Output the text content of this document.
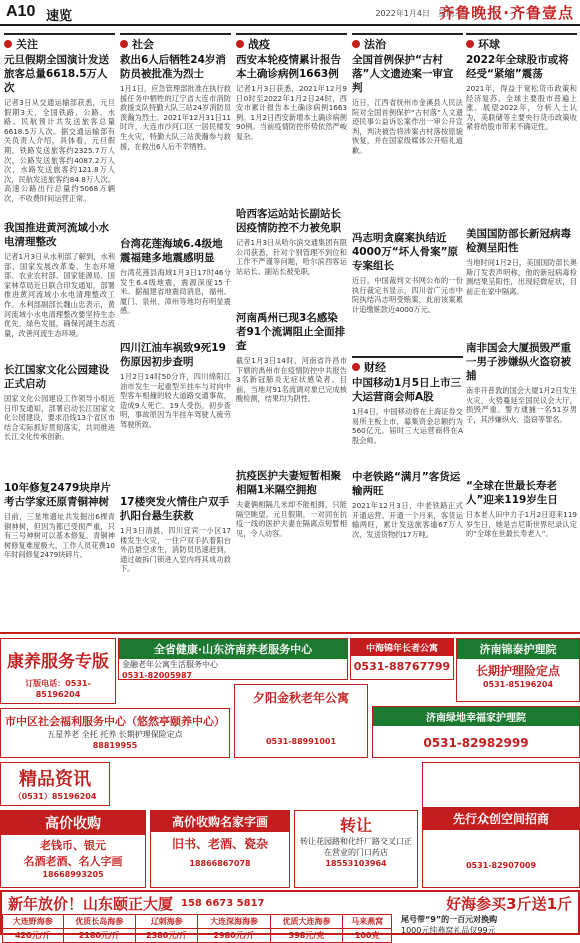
A10 速览	2022年1月4日　星期二
齐鲁晚报·齐鲁壹点
关注
元旦假期全国演计发送旅客总量6618.5万人次
记者3日从交通运输部获悉，元旦假期3天，全国铁路、公路、水路、民航预计共发送旅客总量6618.5万人次。据交通运输部有关负责人介绍，具体看，元旦假期，铁路发送旅客约2325.7万人次，公路发送旅客约4087.2万人次，水路发送旅客约121.8万人次，民航发送旅客约84.8万人次。高速公路出行总量约5068万辆次，不收费时间运营正常。
我国推进黄河流域小水电清理整改
记者1月3日从水利部了解到，水利部、国家发展改革委、生态环境部、农业农村部、国家能源局、国家林草局近日联合印发通知，部署推进黄河流域小水电清理整改工作。水利部副部长魏山忠表示，黄河流域小水电清理整改要坚持生态优先、绿色发展，确保河湖生态流量，改善河流生态环境。
长江国家文化公园建设正式启动
国家文化公园建设工作领导小组近日印发通知，部署启动长江国家文化公园建设，要求沿线13个省区市结合实际抓好贯彻落实，共同推进长江文化传承创新。
10年修复2479块岸片考古学家还原青铜神树
目前，三星堆遗址共发掘出6棵青铜神树，但因为都已受损严重，只有三号神树可以基本修复。青铜神树修复难度极大，工作人员花费10年时间修复2479块碎片。
社会
救出6人后牺牲24岁消防员被批准为烈士
1月1日，应急管理部批准在执行救援任务中牺牲的辽宁省大连市消防救援支队特勤大队三站24岁消防员羡瀚为烈士。2021年12月31日11时许，大连市沙河口区一居民楼发生火灾，特勤大队三站羡瀚参与救援，在救出6人后不幸牺牲。
台湾花莲海域6.4级地震福建多地震感明显
台湾花莲县海域1月3日17时46分发生6.4级地震，震源深度15千米。据福建省地震局消息，福州、厦门、泉州、漳州等地均有明显震感。
四川江油车祸致9死19伤原因初步查明
1月2日14时50分许，四川绵阳江油市发生一起重型半挂车与对向中型客车相撞的较大道路交通事故，造成9人死亡、19人受伤。初步查明，事故原因为半挂车驾驶人疲劳驾驶所致。
17楼突发火情住户双手扒阳台悬生获救
1月3日清晨，四川宜宾一小区17楼发生火灾，一住户双手扒着阳台外沿悬空求生，消防员迅速赶到，通过破拆门锁进入室内将其成功救下。
战疫
西安本轮疫情累计报告本土确诊病例1663例
记者1月3日获悉，2021年12月9日0时至2022年1月2日24时，西安市累计报告本土确诊病例1663例。1月2日西安新增本土确诊病例90例。当前疫情防控形势依然严峻复杂。
哈西客运站站长副站长因疫情防控不力被免职
记者1月3日从哈尔滨交通集团有限公司获悉，针对个别管理不到位和工作不严谨等问题，哈尔滨西客运站站长、副站长被免职。
河南禹州已现3名感染者91个流调阻止全面排查
截至1月3日14时，河南省许昌市下辖的禹州市在疫情防控中共报告3名新冠肺炎无症状感染者。目前，当地对91名流调对象已完成核酸检测，结果均为阴性。
抗疫医护夫妻短暂相聚相隔1米隔空拥抱
夫妻俩相隔几米却不能相拥，只能隔空眺望。元旦假期，一对同在抗疫一线的医护夫妻在隔离点短暂相见，令人动容。
法治
全国首例保护“古村落”人文遗迹案一审宣判
近日，江西省抚州市金溪县人民法院对全国首例保护“古村落”人文遗迹民事公益诉讼案作出一审公开宣判，判决被告将涉案古村落按原貌恢复，并在国家级媒体公开赔礼道歉。
冯志明贪腐案执结近4000万“坏人骨案”原专案组长
近日，中国裁判文书网公布的一份执行裁定书显示，四川省广元市中院执结冯志明受贿案，此前该案累计追缴赃款近4000万元。
财经
中国移动1月5日上市三大运营商会师A股
1月4日，中国移动将在上海证券交易所主板上市，募集资金总额约为560亿元。届时三大运营商将在A股会师。
中老铁路“满月”客货运输两旺
2021年12月3日，中老铁路正式开通运营。开通一个月来，客货运输两旺，累计发送旅客逾67万人次，发送货物约17万吨。
环球
2022年全球股市或将经受“紧缩”震荡
2021年，得益于宽松货币政策和经济复苏，全球主要股市普遍上涨。展望2022年，分析人士认为，美联储等主要央行货币政策收紧将给股市带来不确定性。
美国国防部长新冠病毒检测呈阳性
当地时间1月2日，美国国防部长奥斯汀发表声明称，他的新冠病毒检测结果呈阳性，出现轻微症状，目前正在家中隔离。
南非国会大厦损毁严重一男子涉嫌纵火盗窃被捕
南非开普敦的国会大厦1月2日发生火灾，火势蔓延至国民议会大厅，损毁严重。警方逮捕一名51岁男子，其涉嫌纵火、盗窃等罪名。
“全球在世最长寿老人”迎来119岁生日
日本老人田中力子1月2日迎来119岁生日，她是吉尼斯世界纪录认定的“全球在世最长寿老人”。
康养服务专版
订版电话：0531-85196204
全省健康·山东济南养老服务中心
金融老年公寓生活服务中心
0531-82005987
中海锦年长者公寓
0531-88767799
济南锦泰护理院
长期护理险定点
0531-85196204
市中区社会福利服务中心（悠然亭颐养中心）
五星养老 全托 托养 长期护理保险定点
88819955
夕阳金秋老年公寓
0531-88991001
济南绿地幸福家护理院
0531-82982999
精品资讯
（0531）85196204
高价收购
老钱币、银元
名酒老酒、名人字画
18668993205
高价收购名家字画
旧书、老酒、瓷杂
18866867078
转让
转让花园路和化纤厂路交叉口正在营业的门口药店
18553103964
先行众创空间招商
0531-82907009
新年放价！山东颐正大厦 158 6673 5817	好海参买3斤送1斤
大连野海参	优质长岛海参	辽刺海参	大连深海海参	优质大连海参	马来燕窝
420元/斤	2180元/斤	2380元/斤	2980元/斤	398元/克	100克
尾号带“9”的一百元对换购
1000元纯燕窝礼品仅99元
